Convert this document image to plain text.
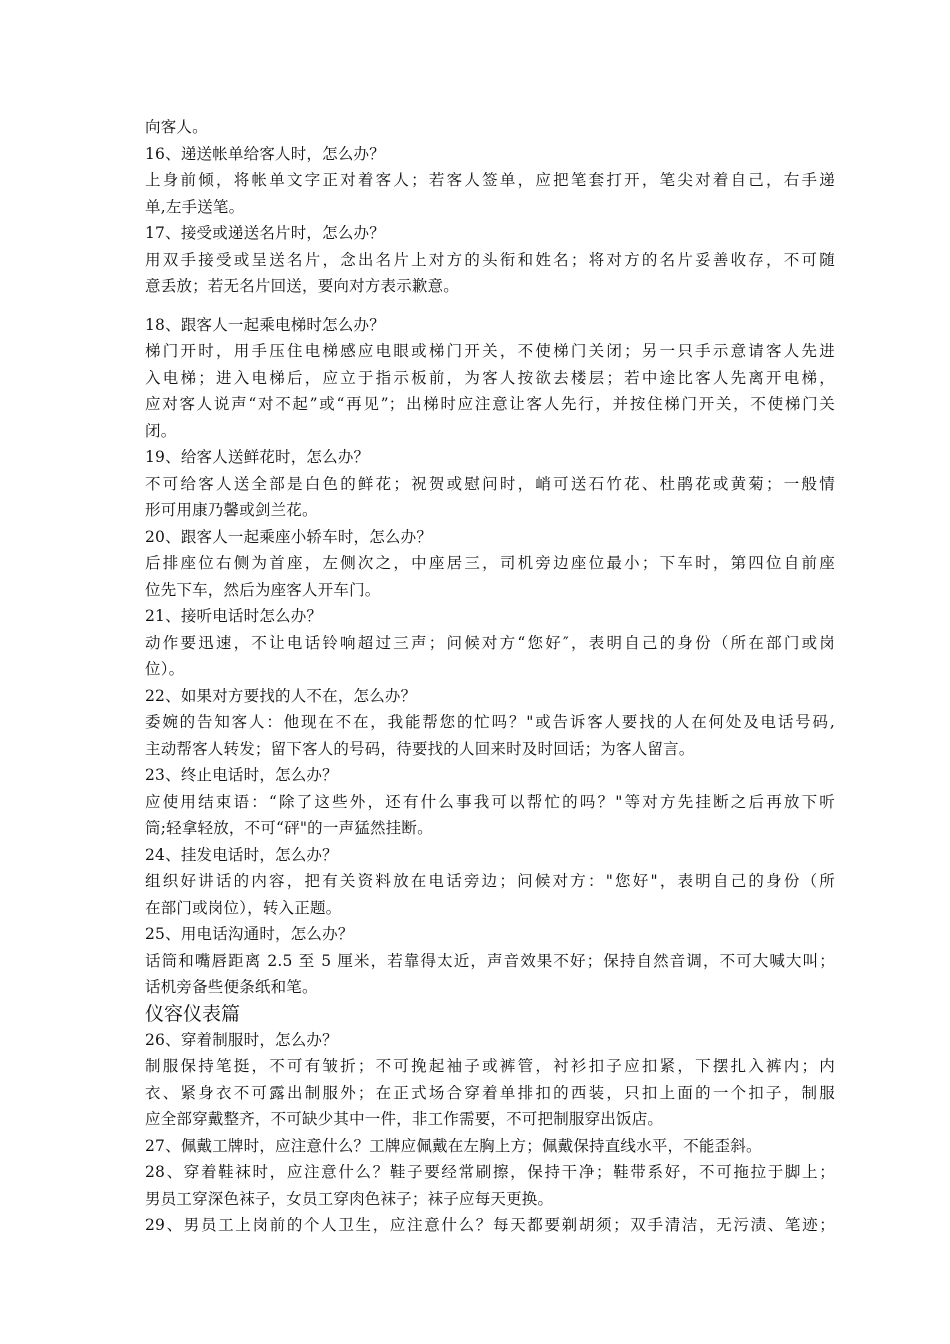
向客人。
16、递送帐单给客人时，怎么办？
上身前倾，将帐单文字正对着客人；若客人签单，应把笔套打开，笔尖对着自己，右手递
单,左手送笔。
17、接受或递送名片时，怎么办？
用双手接受或呈送名片，念出名片上对方的头衔和姓名；将对方的名片妥善收存，不可随
意丢放；若无名片回送，要向对方表示歉意。
18、跟客人一起乘电梯时怎么办？
梯门开时，用手压住电梯感应电眼或梯门开关，不使梯门关闭；另一只手示意请客人先进
入电梯；进入电梯后，应立于指示板前，为客人按欲去楼层；若中途比客人先离开电梯，
应对客人说声“对不起”或“再见”；出梯时应注意让客人先行，并按住梯门开关，不使梯门关
闭。
19、给客人送鲜花时，怎么办？
不可给客人送全部是白色的鲜花；祝贺或慰问时，峭可送石竹花、杜鹃花或黄菊；一般情
形可用康乃馨或剑兰花。
20、跟客人一起乘座小轿车时，怎么办？
后排座位右侧为首座，左侧次之，中座居三，司机旁边座位最小；下车时，第四位自前座
位先下车，然后为座客人开车门。
21、接听电话时怎么办？
动作要迅速，不让电话铃响超过三声；问候对方“您好″，表明自己的身份（所在部门或岗
位）。
22、如果对方要找的人不在，怎么办？
委婉的告知客人：他现在不在，我能帮您的忙吗？"或告诉客人要找的人在何处及电话号码,
主动帮客人转发；留下客人的号码，待要找的人回来时及时回话；为客人留言。
23、终止电话时，怎么办？
应使用结束语：“除了这些外，还有什么事我可以帮忙的吗？"等对方先挂断之后再放下听
筒;轻拿轻放，不可“砰"的一声猛然挂断。
24、挂发电话时，怎么办？
组织好讲话的内容，把有关资料放在电话旁边；问候对方："您好"，表明自己的身份（所
在部门或岗位），转入正题。
25、用电话沟通时，怎么办？
话筒和嘴唇距离 2.5 至 5 厘米，若靠得太近，声音效果不好；保持自然音调，不可大喊大叫；
话机旁备些便条纸和笔。
仪容仪表篇
26、穿着制服时，怎么办？
制服保持笔挺，不可有皱折；不可挽起袖子或裤管，衬衫扣子应扣紧，下摆扎入裤内；内
衣、紧身衣不可露出制服外；在正式场合穿着单排扣的西装，只扣上面的一个扣子，制服
应全部穿戴整齐，不可缺少其中一件，非工作需要，不可把制服穿出饭店。
27、佩戴工牌时，应注意什么？工牌应佩戴在左胸上方；佩戴保持直线水平，不能歪斜。
28、穿着鞋袜时，应注意什么？鞋子要经常刷擦，保持干净；鞋带系好，不可拖拉于脚上；
男员工穿深色袜子，女员工穿肉色袜子；袜子应每天更换。
29、男员工上岗前的个人卫生，应注意什么？每天都要剃胡须；双手清洁，无污渍、笔迹；
